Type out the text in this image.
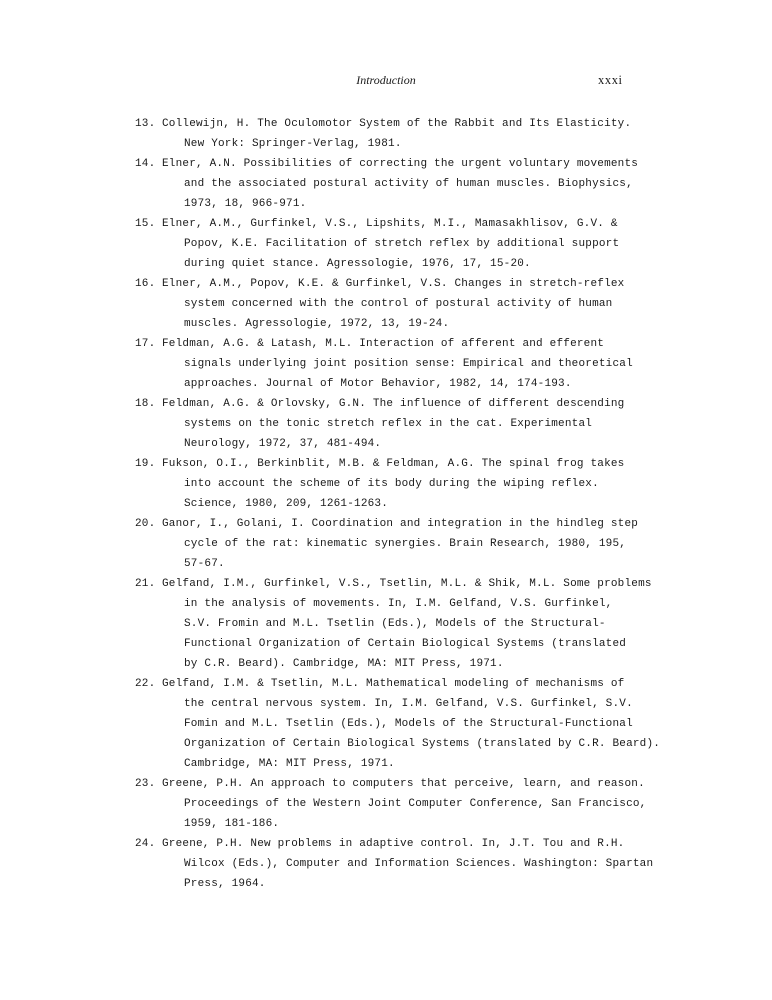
Introduction	xxxi
13. Collewijn, H. The Oculomotor System of the Rabbit and Its Elasticity.
New York: Springer-Verlag, 1981.
14. Elner, A.N. Possibilities of correcting the urgent voluntary movements
and the associated postural activity of human muscles. Biophysics,
1973, 18, 966-971.
15. Elner, A.M., Gurfinkel, V.S., Lipshits, M.I., Mamasakhlisov, G.V. &
Popov, K.E. Facilitation of stretch reflex by additional support
during quiet stance. Agressologie, 1976, 17, 15-20.
16. Elner, A.M., Popov, K.E. & Gurfinkel, V.S. Changes in stretch-reflex
system concerned with the control of postural activity of human
muscles. Agressologie, 1972, 13, 19-24.
17. Feldman, A.G. & Latash, M.L. Interaction of afferent and efferent
signals underlying joint position sense: Empirical and theoretical
approaches. Journal of Motor Behavior, 1982, 14, 174-193.
18. Feldman, A.G. & Orlovsky, G.N. The influence of different descending
systems on the tonic stretch reflex in the cat. Experimental
Neurology, 1972, 37, 481-494.
19. Fukson, O.I., Berkinblit, M.B. & Feldman, A.G. The spinal frog takes
into account the scheme of its body during the wiping reflex.
Science, 1980, 209, 1261-1263.
20. Ganor, I., Golani, I. Coordination and integration in the hindleg step
cycle of the rat: kinematic synergies. Brain Research, 1980, 195,
57-67.
21. Gelfand, I.M., Gurfinkel, V.S., Tsetlin, M.L. & Shik, M.L. Some problems
in the analysis of movements. In, I.M. Gelfand, V.S. Gurfinkel,
S.V. Fromin and M.L. Tsetlin (Eds.), Models of the Structural-
Functional Organization of Certain Biological Systems (translated
by C.R. Beard). Cambridge, MA: MIT Press, 1971.
22. Gelfand, I.M. & Tsetlin, M.L. Mathematical modeling of mechanisms of
the central nervous system. In, I.M. Gelfand, V.S. Gurfinkel, S.V.
Fomin and M.L. Tsetlin (Eds.), Models of the Structural-Functional
Organization of Certain Biological Systems (translated by C.R. Beard).
Cambridge, MA: MIT Press, 1971.
23. Greene, P.H. An approach to computers that perceive, learn, and reason.
Proceedings of the Western Joint Computer Conference, San Francisco,
1959, 181-186.
24. Greene, P.H. New problems in adaptive control. In, J.T. Tou and R.H.
Wilcox (Eds.), Computer and Information Sciences. Washington: Spartan
Press, 1964.
